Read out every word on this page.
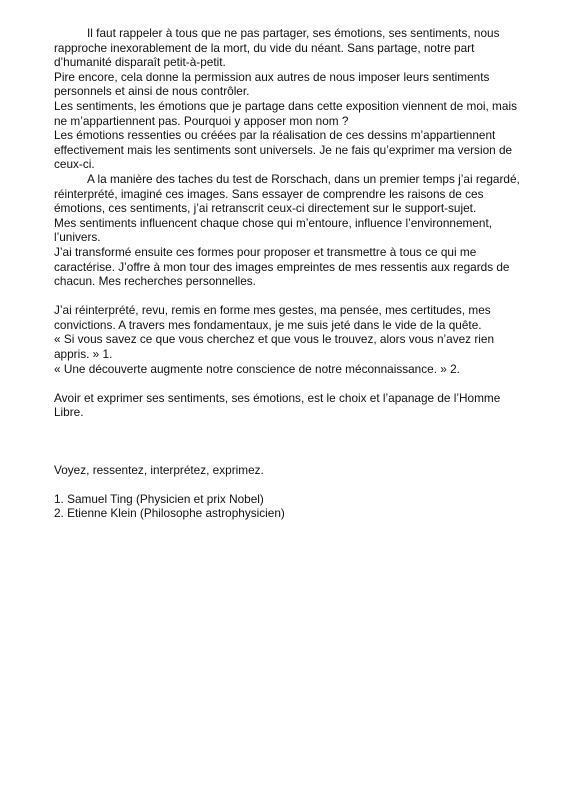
Il faut rappeler à tous que ne pas partager, ses émotions, ses sentiments, nous rapproche inexorablement de la mort, du vide du néant. Sans partage, notre part d’humanité disparaît petit-à-petit.

Pire encore, cela donne la permission aux autres de nous imposer leurs sentiments personnels et ainsi de nous contrôler.

Les sentiments, les émotions que je partage dans cette exposition viennent de moi, mais ne m’appartiennent pas. Pourquoi y apposer mon nom ?

Les émotions ressenties ou créées par la réalisation de ces dessins m’appartiennent effectivement mais les sentiments sont universels. Je ne fais qu’exprimer ma version de ceux-ci.

A la manière des taches du test de Rorschach, dans un premier temps j’ai regardé, réinterprété, imaginé ces images. Sans essayer de comprendre les raisons de ces émotions, ces sentiments, j’ai retranscrit ceux-ci directement sur le support-sujet.

Mes sentiments influencent chaque chose qui m’entoure, influence l’environnement, l’univers.

J’ai transformé ensuite ces formes pour proposer et transmettre à tous ce qui me caractérise. J’offre à mon tour des images empreintes de mes ressentis aux regards de chacun. Mes recherches personnelles.

J’ai réinterprété, revu, remis en forme mes gestes, ma pensée, mes certitudes, mes convictions. A travers mes fondamentaux, je me suis jeté dans le vide de la quête.

« Si vous savez ce que vous cherchez et que vous le trouvez, alors vous n’avez rien appris. » 1.

« Une découverte augmente notre conscience de notre méconnaissance. » 2.

Avoir et exprimer ses sentiments, ses émotions, est le choix et l’apanage de l’Homme Libre.

Voyez, ressentez, interprétez, exprimez.

1. Samuel Ting (Physicien et prix Nobel)

2. Etienne Klein (Philosophe astrophysicien)
